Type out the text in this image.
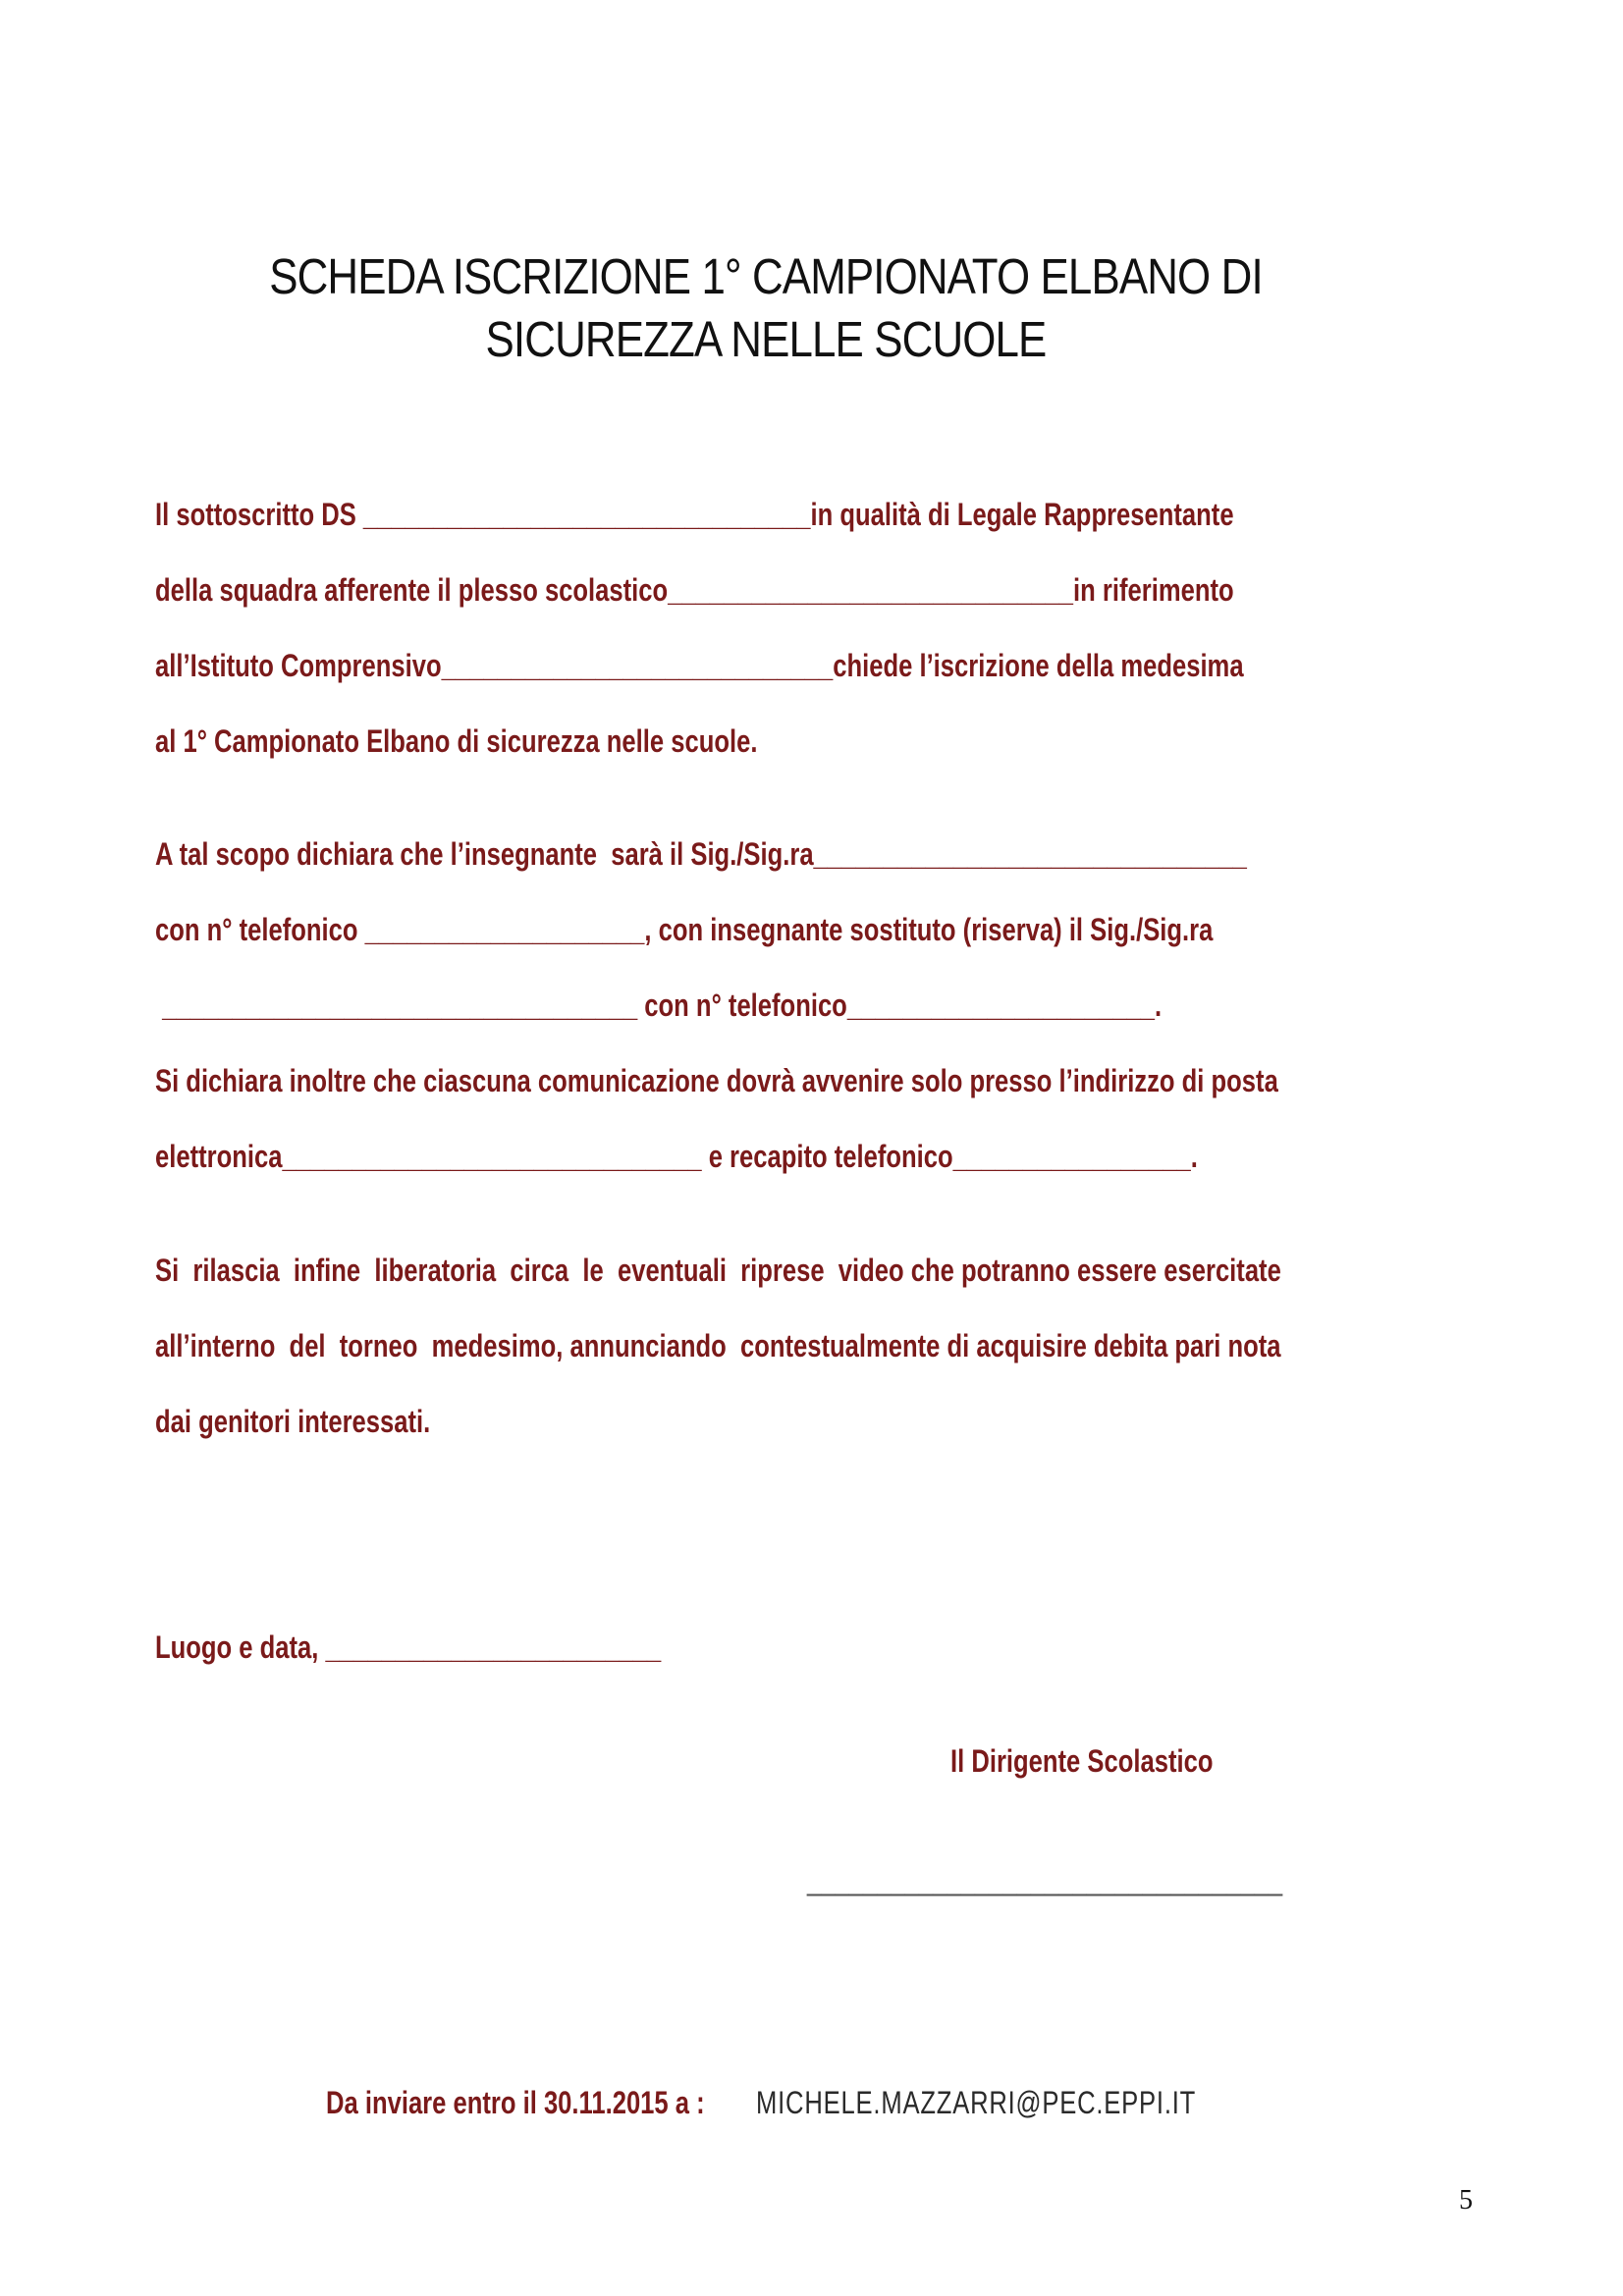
SCHEDA ISCRIZIONE 1° CAMPIONATO ELBANO DI
SICUREZZA NELLE SCUOLE
Il sottoscritto DS ________________________________in qualità di Legale Rappresentante
della squadra afferente il plesso scolastico_____________________________in riferimento
all’Istituto Comprensivo____________________________chiede l’iscrizione della medesima
al 1° Campionato Elbano di sicurezza nelle scuole.
A tal scopo dichiara che l’insegnante  sarà il Sig./Sig.ra_______________________________
con n° telefonico ____________________, con insegnante sostituto (riserva) il Sig./Sig.ra
__________________________________ con n° telefonico______________________.
Si dichiara inoltre che ciascuna comunicazione dovrà avvenire solo presso l’indirizzo di posta
elettronica______________________________ e recapito telefonico_________________.
Si  rilascia  infine  liberatoria  circa  le  eventuali  riprese  video che potranno essere esercitate
all’interno  del  torneo  medesimo, annunciando  contestualmente di acquisire debita pari nota
dai genitori interessati.
Luogo e data, ________________________
Il Dirigente Scolastico
__________________________________
Da inviare entro il 30.11.2015 a : MICHELE.MAZZARRI@PEC.EPPI.IT
5
